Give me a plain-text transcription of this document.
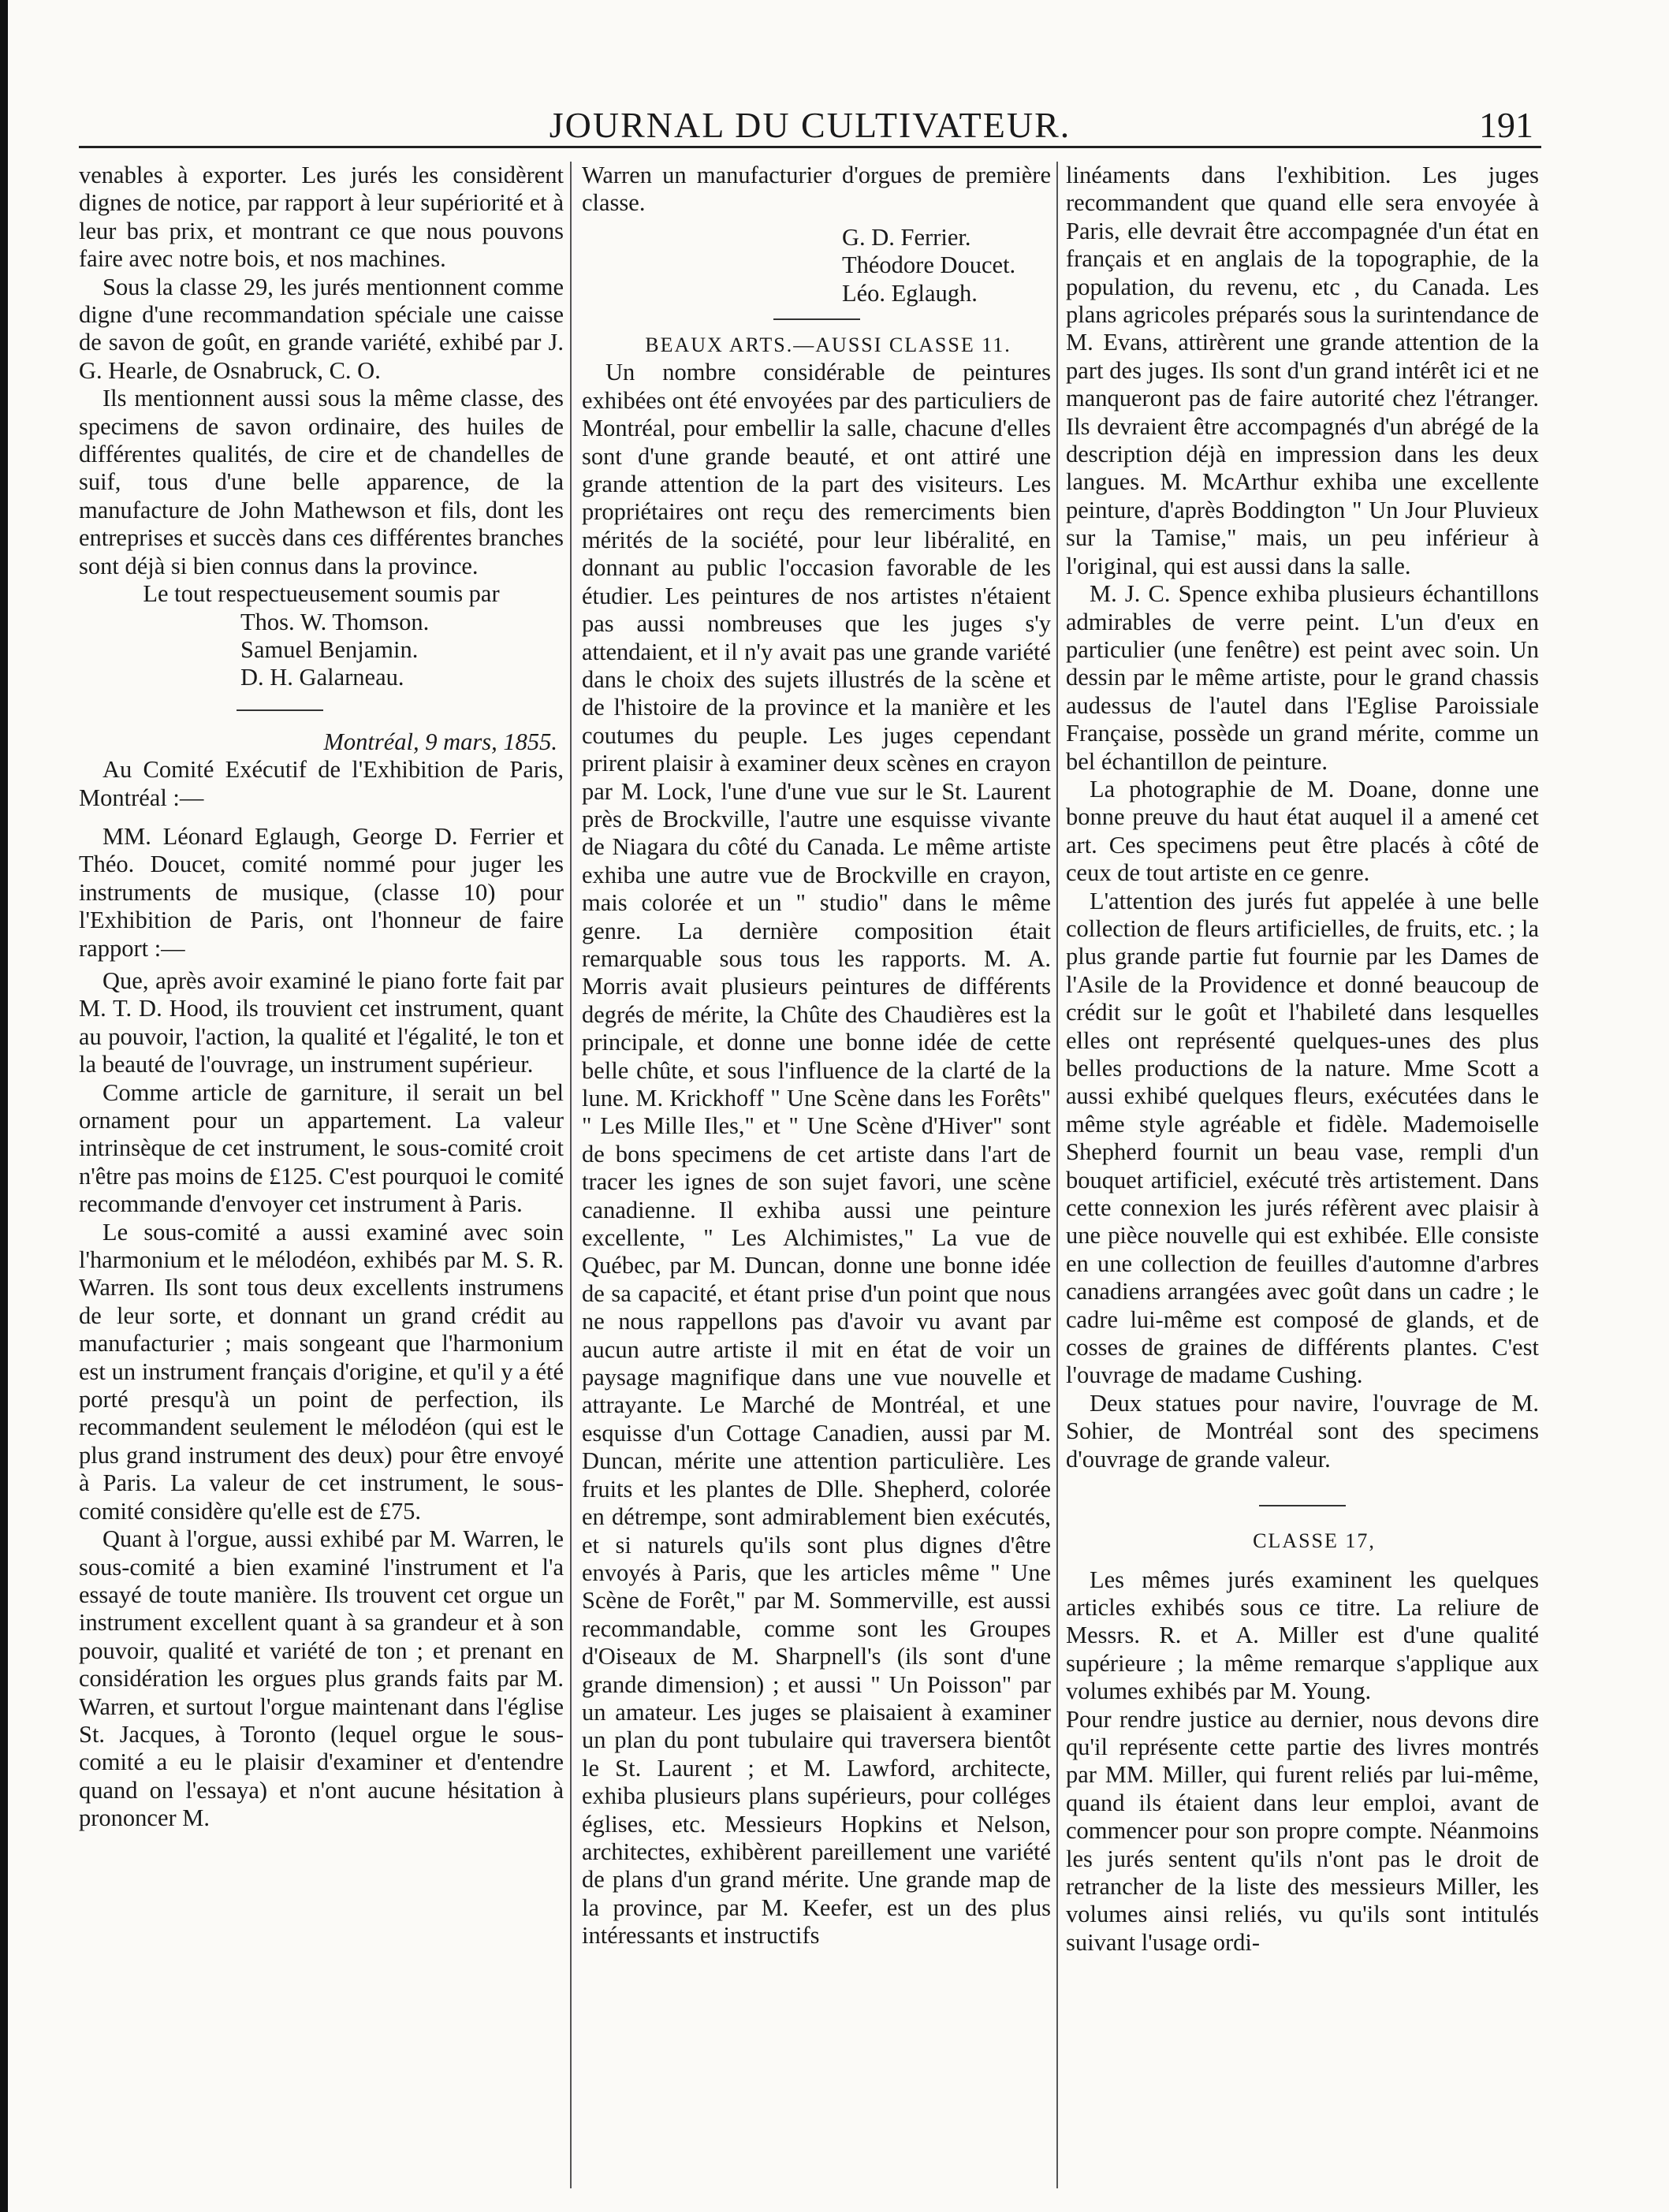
JOURNAL DU CULTIVATEUR.	191

venables à exporter. Les jurés les considèrent dignes de notice, par rapport à leur supériorité et à leur bas prix, et montrant ce que nous pouvons faire avec notre bois, et nos machines.

Sous la classe 29, les jurés mentionnent comme digne d'une recommandation spéciale une caisse de savon de goût, en grande variété, exhibé par J. G. Hearle, de Osnabruck, C. O.

Ils mentionnent aussi sous la même classe, des specimens de savon ordinaire, des huiles de différentes qualités, de cire et de chandelles de suif, tous d'une belle apparence, de la manufacture de John Mathewson et fils, dont les entreprises et succès dans ces différentes branches sont déjà si bien connus dans la province.

Le tout respectueusement soumis par

Thos. W. Thomson.

Samuel Benjamin.

D. H. Galarneau.

Montréal, 9 mars, 1855.

Au Comité Exécutif de l'Exhibition de Paris, Montréal :—

MM. Léonard Eglaugh, George D. Ferrier et Théo. Doucet, comité nommé pour juger les instruments de musique, (classe 10) pour l'Exhibition de Paris, ont l'honneur de faire rapport :—

Que, après avoir examiné le piano forte fait par M. T. D. Hood, ils trouvient cet instrument, quant au pouvoir, l'action, la qualité et l'égalité, le ton et la beauté de l'ouvrage, un instrument supérieur.

Comme article de garniture, il serait un bel ornament pour un appartement. La valeur intrinsèque de cet instrument, le sous-comité croit n'être pas moins de £125. C'est pourquoi le comité recommande d'envoyer cet instrument à Paris.

Le sous-comité a aussi examiné avec soin l'harmonium et le mélodéon, exhibés par M. S. R. Warren. Ils sont tous deux excellents instrumens de leur sorte, et donnant un grand crédit au manufacturier ; mais songeant que l'harmonium est un instrument français d'origine, et qu'il y a été porté presqu'à un point de perfection, ils recommandent seulement le mélodéon (qui est le plus grand instrument des deux) pour être envoyé à Paris. La valeur de cet instrument, le sous-comité considère qu'elle est de £75.

Quant à l'orgue, aussi exhibé par M. Warren, le sous-comité a bien examiné l'instrument et l'a essayé de toute manière. Ils trouvent cet orgue un instrument excellent quant à sa grandeur et à son pouvoir, qualité et variété de ton ; et prenant en considération les orgues plus grands faits par M. Warren, et surtout l'orgue maintenant dans l'église St. Jacques, à Toronto (lequel orgue le sous-comité a eu le plaisir d'examiner et d'entendre quand on l'essaya) et n'ont aucune hésitation à prononcer M.

Warren un manufacturier d'orgues de première classe.

G. D. Ferrier.

Théodore Doucet.

Léo. Eglaugh.

BEAUX ARTS.—AUSSI CLASSE 11.

Un nombre considérable de peintures exhibées ont été envoyées par des particuliers de Montréal, pour embellir la salle, chacune d'elles sont d'une grande beauté, et ont attiré une grande attention de la part des visiteurs. Les propriétaires ont reçu des remerciments bien mérités de la société, pour leur libéralité, en donnant au public l'occasion favorable de les étudier. Les peintures de nos artistes n'étaient pas aussi nombreuses que les juges s'y attendaient, et il n'y avait pas une grande variété dans le choix des sujets illustrés de la scène et de l'histoire de la province et la manière et les coutumes du peuple. Les juges cependant prirent plaisir à examiner deux scènes en crayon par M. Lock, l'une d'une vue sur le St. Laurent près de Brockville, l'autre une esquisse vivante de Niagara du côté du Canada. Le même artiste exhiba une autre vue de Brockville en crayon, mais colorée et un " studio" dans le même genre. La dernière composition était remarquable sous tous les rapports. M. A. Morris avait plusieurs peintures de différents degrés de mérite, la Chûte des Chaudières est la principale, et donne une bonne idée de cette belle chûte, et sous l'influence de la clarté de la lune. M. Krickhoff " Une Scène dans les Forêts" " Les Mille Iles," et " Une Scène d'Hiver" sont de bons specimens de cet artiste dans l'art de tracer les ignes de son sujet favori, une scène canadienne. Il exhiba aussi une peinture excellente, " Les Alchimistes," La vue de Québec, par M. Duncan, donne une bonne idée de sa capacité, et étant prise d'un point que nous ne nous rappellons pas d'avoir vu avant par aucun autre artiste il mit en état de voir un paysage magnifique dans une vue nouvelle et attrayante. Le Marché de Montréal, et une esquisse d'un Cottage Canadien, aussi par M. Duncan, mérite une attention particulière. Les fruits et les plantes de Dlle. Shepherd, colorée en détrempe, sont admirablement bien exécutés, et si naturels qu'ils sont plus dignes d'être envoyés à Paris, que les articles même " Une Scène de Forêt," par M. Sommerville, est aussi recommandable, comme sont les Groupes d'Oiseaux de M. Sharpnell's (ils sont d'une grande dimension) ; et aussi " Un Poisson" par un amateur. Les juges se plaisaient à examiner un plan du pont tubulaire qui traversera bientôt le St. Laurent ; et M. Lawford, architecte, exhiba plusieurs plans supérieurs, pour colléges églises, etc. Messieurs Hopkins et Nelson, architectes, exhibèrent pareillement une variété de plans d'un grand mérite. Une grande map de la province, par M. Keefer, est un des plus intéressants et instructifs

linéaments dans l'exhibition. Les juges recommandent que quand elle sera envoyée à Paris, elle devrait être accompagnée d'un état en français et en anglais de la topographie, de la population, du revenu, etc , du Canada. Les plans agricoles préparés sous la surintendance de M. Evans, attirèrent une grande attention de la part des juges. Ils sont d'un grand intérêt ici et ne manqueront pas de faire autorité chez l'étranger. Ils devraient être accompagnés d'un abrégé de la description déjà en impression dans les deux langues. M. McArthur exhiba une excellente peinture, d'après Boddington " Un Jour Pluvieux sur la Tamise," mais, un peu inférieur à l'original, qui est aussi dans la salle.

M. J. C. Spence exhiba plusieurs échantillons admirables de verre peint. L'un d'eux en particulier (une fenêtre) est peint avec soin. Un dessin par le même artiste, pour le grand chassis audessus de l'autel dans l'Eglise Paroissiale Française, possède un grand mérite, comme un bel échantillon de peinture.

La photographie de M. Doane, donne une bonne preuve du haut état auquel il a amené cet art. Ces specimens peut être placés à côté de ceux de tout artiste en ce genre.

L'attention des jurés fut appelée à une belle collection de fleurs artificielles, de fruits, etc. ; la plus grande partie fut fournie par les Dames de l'Asile de la Providence et donné beaucoup de crédit sur le goût et l'habileté dans lesquelles elles ont représenté quelques-unes des plus belles productions de la nature. Mme Scott a aussi exhibé quelques fleurs, exécutées dans le même style agréable et fidèle. Mademoiselle Shepherd fournit un beau vase, rempli d'un bouquet artificiel, exécuté très artistement. Dans cette connexion les jurés réfèrent avec plaisir à une pièce nouvelle qui est exhibée. Elle consiste en une collection de feuilles d'automne d'arbres canadiens arrangées avec goût dans un cadre ; le cadre lui-même est composé de glands, et de cosses de graines de différents plantes. C'est l'ouvrage de madame Cushing.

Deux statues pour navire, l'ouvrage de M. Sohier, de Montréal sont des specimens d'ouvrage de grande valeur.

CLASSE 17,

Les mêmes jurés examinent les quelques articles exhibés sous ce titre. La reliure de Messrs. R. et A. Miller est d'une qualité supérieure ; la même remarque s'applique aux volumes exhibés par M. Young.

Pour rendre justice au dernier, nous devons dire qu'il représente cette partie des livres montrés par MM. Miller, qui furent reliés par lui-même, quand ils étaient dans leur emploi, avant de commencer pour son propre compte. Néanmoins les jurés sentent qu'ils n'ont pas le droit de retrancher de la liste des messieurs Miller, les volumes ainsi reliés, vu qu'ils sont intitulés suivant l'usage ordi-
